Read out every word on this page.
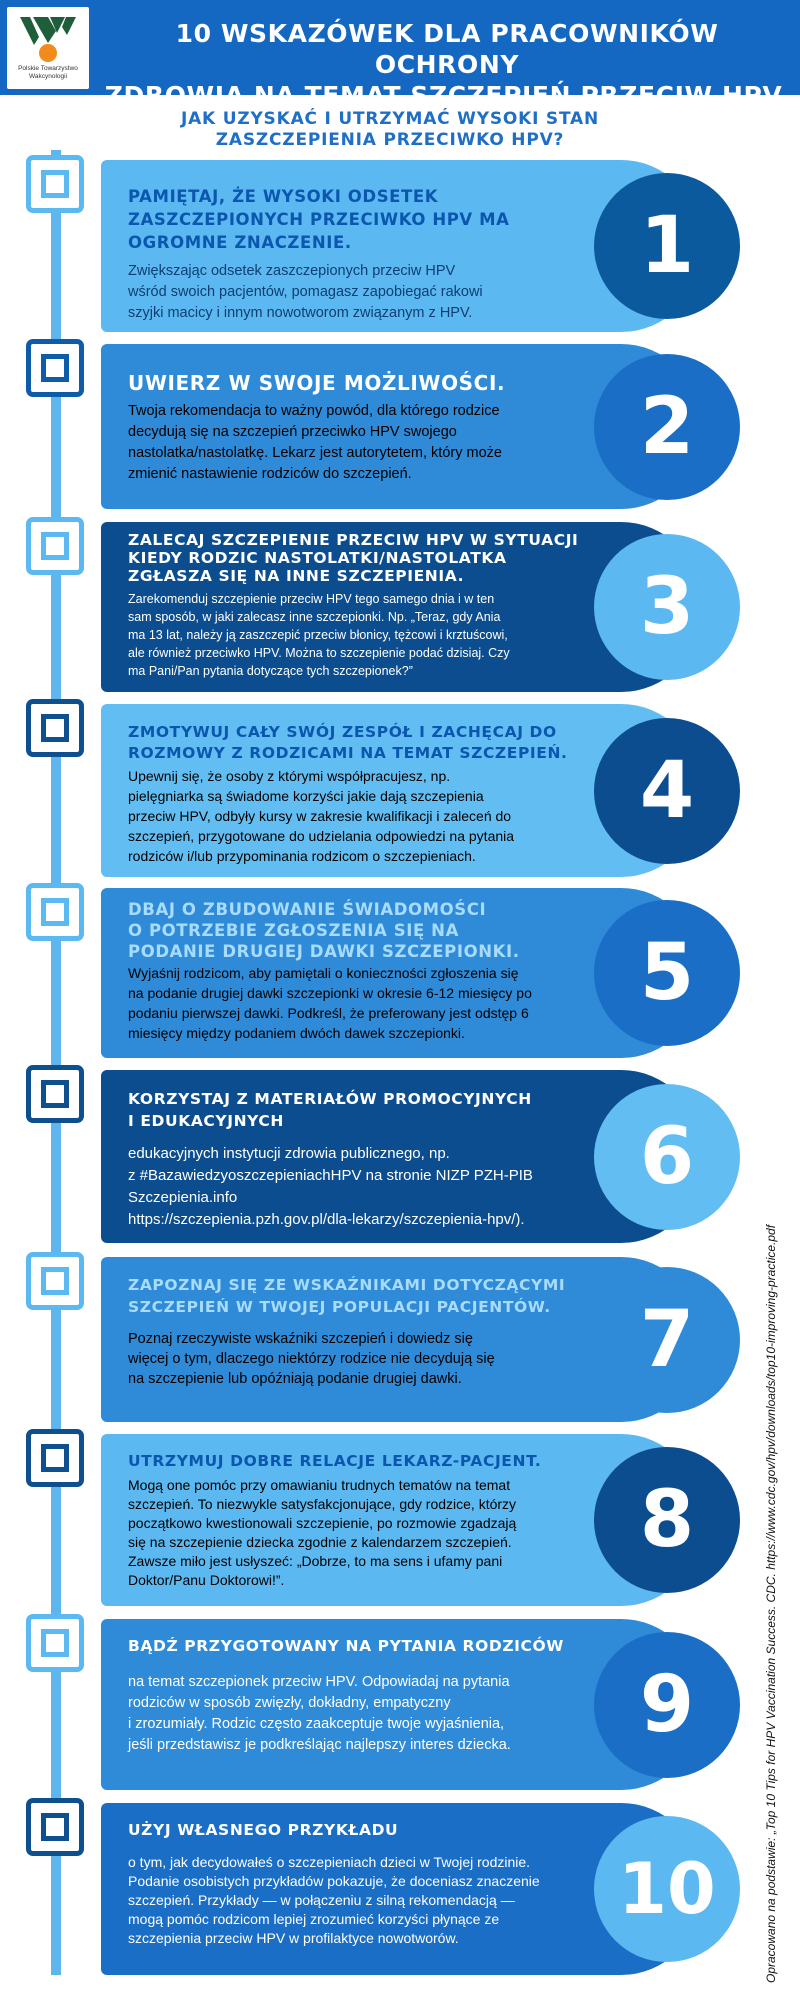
Polskie Towarzystwo Wakcynologii
10 WSKAZÓWEK DLA PRACOWNIKÓW OCHRONY
ZDROWIA NA TEMAT SZCZEPIEŃ PRZECIW HPV.
JAK UZYSKAĆ I UTRZYMAĆ WYSOKI STAN
ZASZCZEPIENIA PRZECIWKO HPV?
PAMIĘTAJ, ŻE WYSOKI ODSETEK
ZASZCZEPIONYCH PRZECIWKO HPV MA
OGROMNE ZNACZENIE.
Zwiększając odsetek zaszczepionych przeciw HPV
wśród swoich pacjentów, pomagasz zapobiegać rakowi
szyjki macicy i innym nowotworom związanym z HPV.
1
UWIERZ W SWOJE MOŻLIWOŚCI.
Twoja rekomendacja to ważny powód, dla którego rodzice
decydują się na szczepień przeciwko HPV swojego
nastolatka/nastolatkę. Lekarz jest autorytetem, który może
zmienić nastawienie rodziców do szczepień.
2
ZALECAJ SZCZEPIENIE PRZECIW HPV W SYTUACJI
KIEDY RODZIC NASTOLATKI/NASTOLATKA
ZGŁASZA SIĘ NA INNE SZCZEPIENIA.
Zarekomenduj szczepienie przeciw HPV tego samego dnia i w ten
sam sposób, w jaki zalecasz inne szczepionki. Np. „Teraz, gdy Ania
ma 13 lat, należy ją zaszczepić przeciw błonicy, tężcowi i krztuścowi,
ale również przeciwko HPV. Można to szczepienie podać dzisiaj. Czy
ma Pani/Pan pytania dotyczące tych szczepionek?”
3
ZMOTYWUJ CAŁY SWÓJ ZESPÓŁ I ZACHĘCAJ DO
ROZMOWY Z RODZICAMI NA TEMAT SZCZEPIEŃ.
Upewnij się, że osoby z którymi współpracujesz, np.
pielęgniarka są świadome korzyści jakie dają szczepienia
przeciw HPV, odbyły kursy w zakresie kwalifikacji i zaleceń do
szczepień, przygotowane do udzielania odpowiedzi na pytania
rodziców i/lub przypominania rodzicom o szczepieniach.
4
DBAJ O ZBUDOWANIE ŚWIADOMOŚCI
O POTRZEBIE ZGŁOSZENIA SIĘ NA
PODANIE DRUGIEJ DAWKI SZCZEPIONKI.
Wyjaśnij rodzicom, aby pamiętali o konieczności zgłoszenia się
na podanie drugiej dawki szczepionki w okresie 6-12 miesięcy po
podaniu pierwszej dawki. Podkreśl, że preferowany jest odstęp 6
miesięcy między podaniem dwóch dawek szczepionki.
5
KORZYSTAJ Z MATERIAŁÓW PROMOCYJNYCH
I EDUKACYJNYCH
edukacyjnych instytucji zdrowia publicznego, np.
z #BazawiedzyoszczepieniachHPV na stronie NIZP PZH-PIB
Szczepienia.info
https://szczepienia.pzh.gov.pl/dla-lekarzy/szczepienia-hpv/).
6
ZAPOZNAJ SIĘ ZE WSKAŹNIKAMI DOTYCZĄCYMI
SZCZEPIEŃ W TWOJEJ POPULACJI PACJENTÓW.
Poznaj rzeczywiste wskaźniki szczepień i dowiedz się
więcej o tym, dlaczego niektórzy rodzice nie decydują się
na szczepienie lub opóźniają podanie drugiej dawki.	7
UTRZYMUJ DOBRE RELACJE LEKARZ-PACJENT.
Mogą one pomóc przy omawianiu trudnych tematów na temat
szczepień. To niezwykle satysfakcjonujące, gdy rodzice, którzy
początkowo kwestionowali szczepienie, po rozmowie zgadzają
się na szczepienie dziecka zgodnie z kalendarzem szczepień.
Zawsze miło jest usłyszeć: „Dobrze, to ma sens i ufamy pani
Doktor/Panu Doktorowi!”.
8
BĄDŹ PRZYGOTOWANY NA PYTANIA RODZICÓW
na temat szczepionek przeciw HPV. Odpowiadaj na pytania
rodziców w sposób zwięzły, dokładny, empatyczny
i zrozumiały. Rodzic często zaakceptuje twoje wyjaśnienia,
jeśli przedstawisz je podkreślając najlepszy interes dziecka.	9
UŻYJ WŁASNEGO PRZYKŁADU
o tym, jak decydowałeś o szczepieniach dzieci w Twojej rodzinie.
Podanie osobistych przykładów pokazuje, że doceniasz znaczenie
szczepień. Przykłady — w połączeniu z silną rekomendacją —
mogą pomóc rodzicom lepiej zrozumieć korzyści płynące ze
szczepienia przeciw HPV w profilaktyce nowotworów.
10	Opracowano na podstawie: „Top 10 Tips for HPV Vaccination Success. CDC. https://www.cdc.gov/hpv/downloads/top10-improving-practice.pdf
